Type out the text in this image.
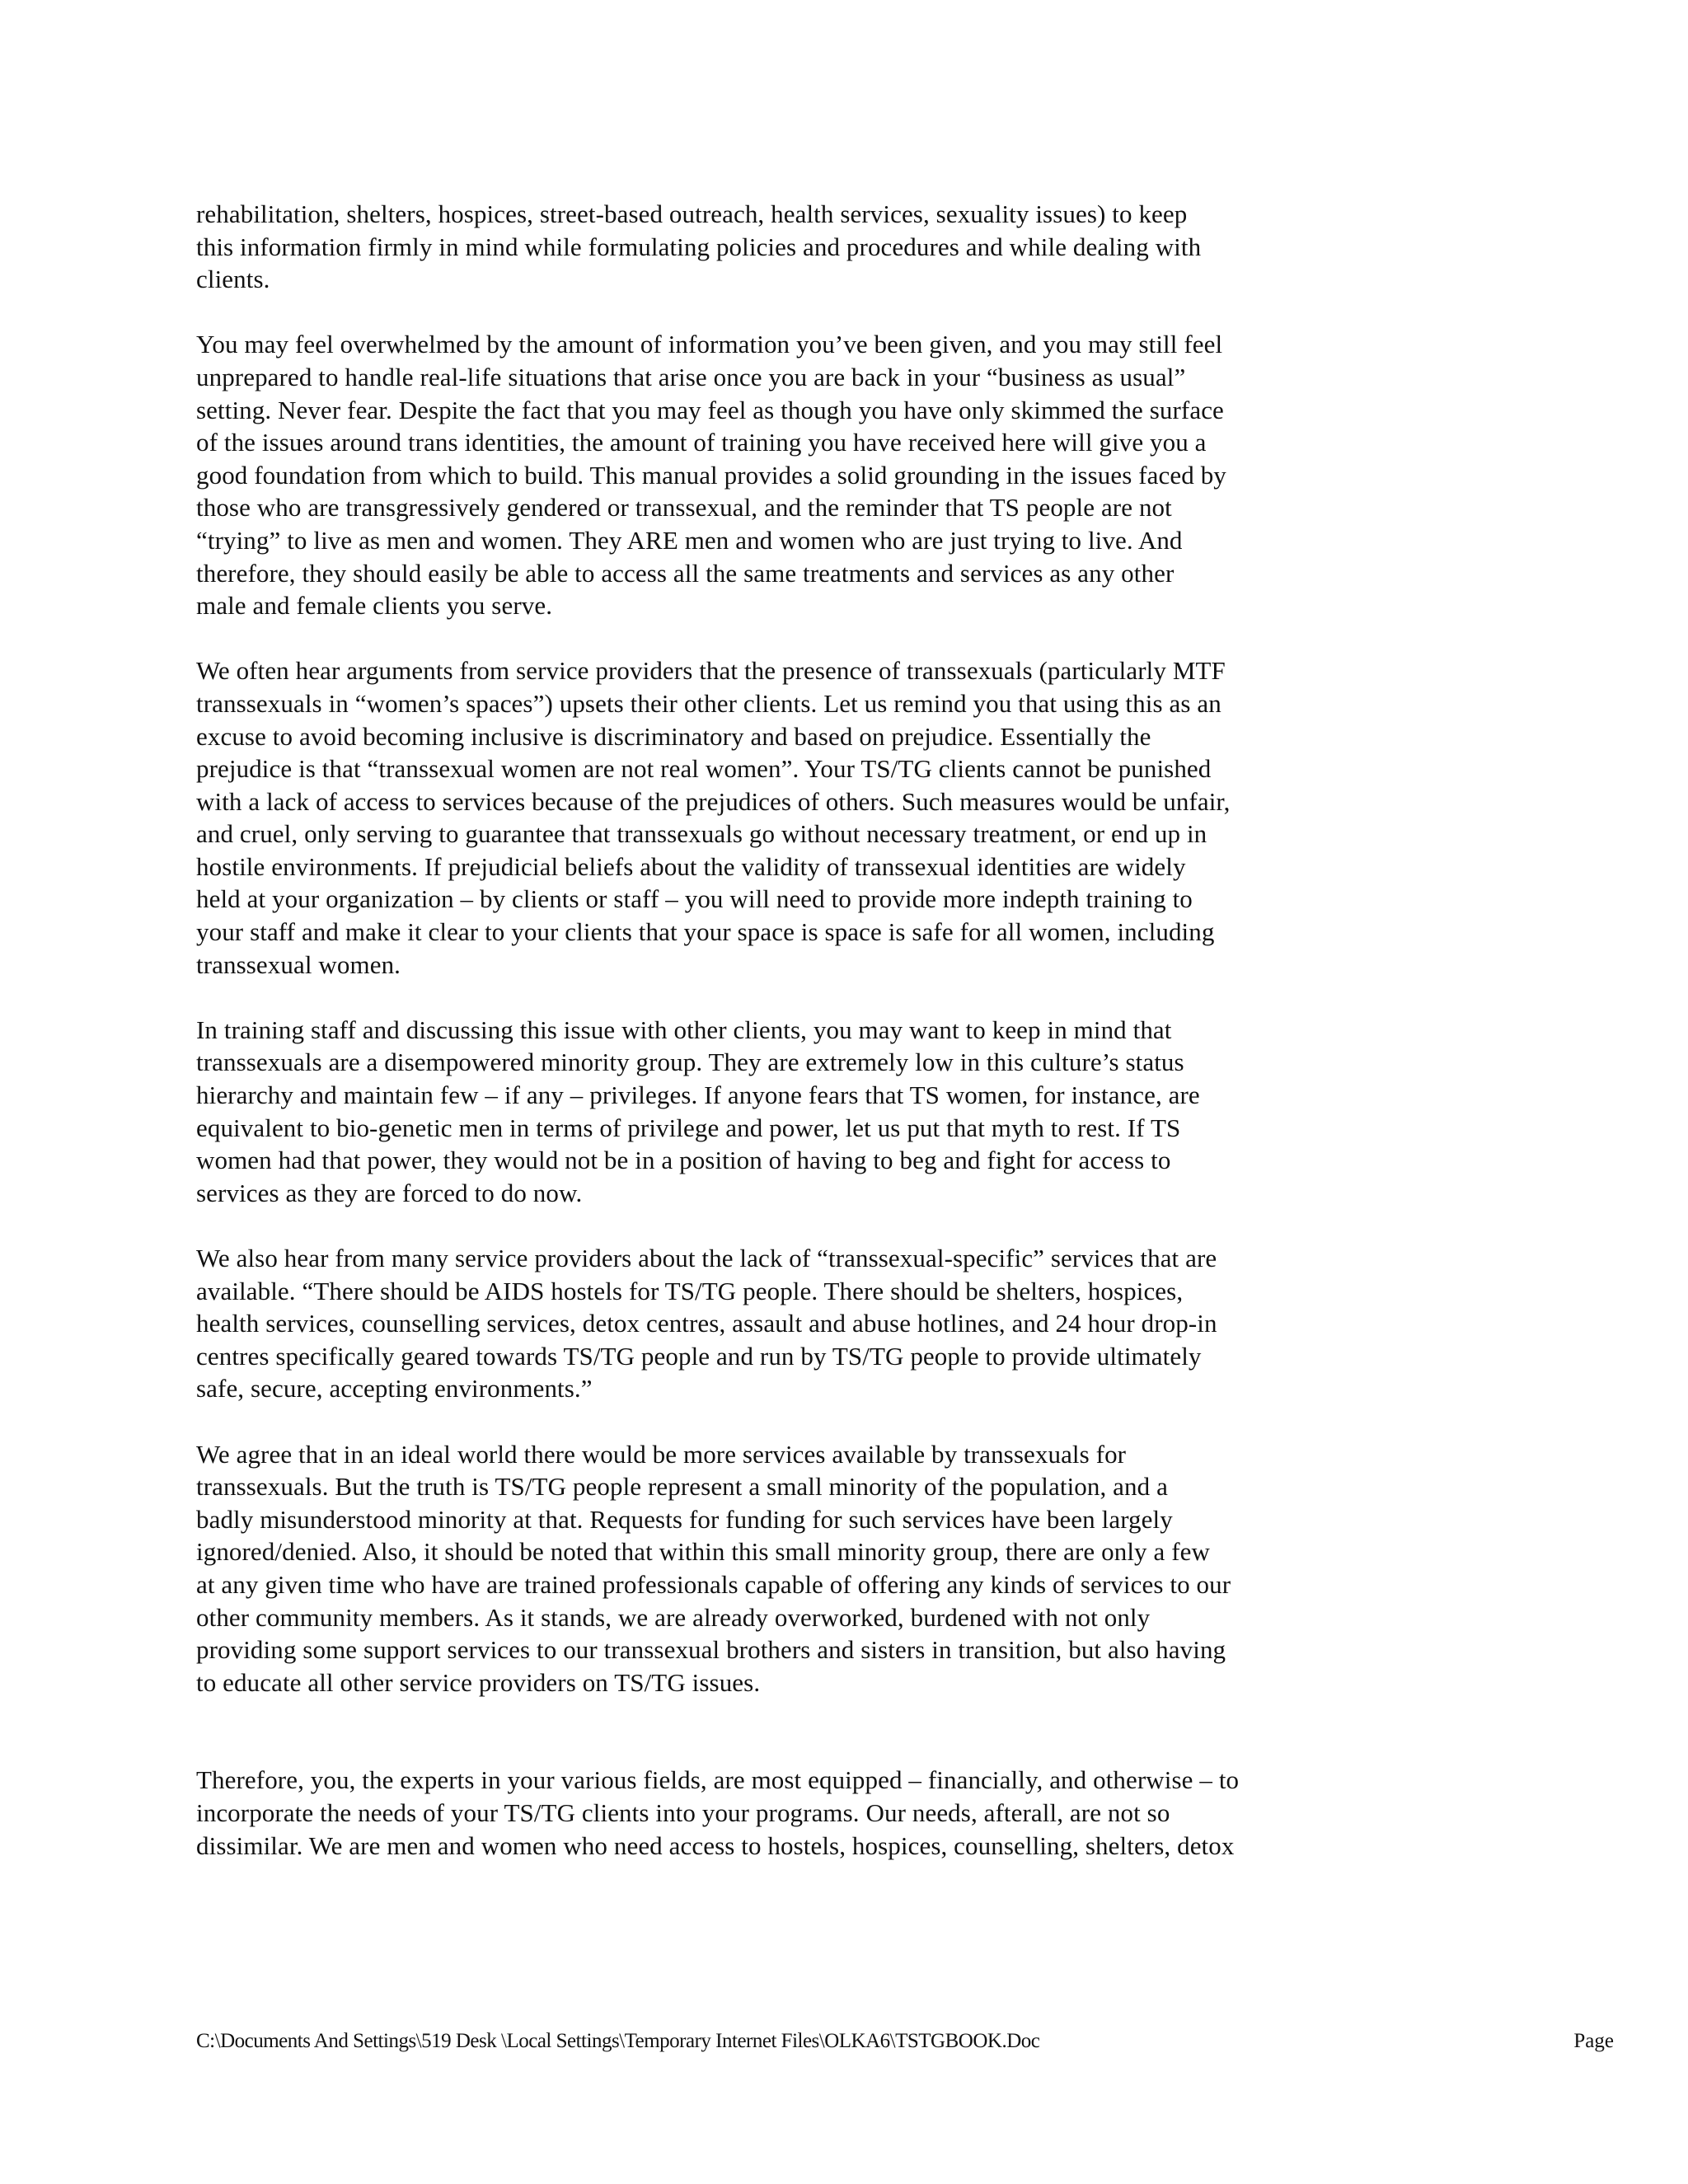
rehabilitation, shelters, hospices, street-based outreach, health services, sexuality issues) to keep
this information firmly in mind while formulating policies and procedures and while dealing with
clients.

You may feel overwhelmed by the amount of information you’ve been given, and you may still feel
unprepared to handle real-life situations that arise once you are back in your “business as usual”
setting. Never fear. Despite the fact that you may feel as though you have only skimmed the surface
of the issues around trans identities, the amount of training you have received here will give you a
good foundation from which to build. This manual provides a solid grounding in the issues faced by
those who are transgressively gendered or transsexual, and the reminder that TS people are not
“trying” to live as men and women. They ARE men and women who are just trying to live. And
therefore, they should easily be able to access all the same treatments and services as any other
male and female clients you serve.

We often hear arguments from service providers that the presence of transsexuals (particularly MTF
transsexuals in “women’s spaces”) upsets their other clients. Let us remind you that using this as an
excuse to avoid becoming inclusive is discriminatory and based on prejudice. Essentially the
prejudice is that “transsexual women are not real women”. Your TS/TG clients cannot be punished
with a lack of access to services because of the prejudices of others. Such measures would be unfair,
and cruel, only serving to guarantee that transsexuals go without necessary treatment, or end up in
hostile environments. If prejudicial beliefs about the validity of transsexual identities are widely
held at your organization – by clients or staff – you will need to provide more indepth training to
your staff and make it clear to your clients that your space is space is safe for all women, including
transsexual women.

In training staff and discussing this issue with other clients, you may want to keep in mind that
transsexuals are a disempowered minority group. They are extremely low in this culture’s status
hierarchy and maintain few – if any – privileges. If anyone fears that TS women, for instance, are
equivalent to bio-genetic men in terms of privilege and power, let us put that myth to rest. If TS
women had that power, they would not be in a position of having to beg and fight for access to
services as they are forced to do now.

We also hear from many service providers about the lack of “transsexual-specific” services that are
available. “There should be AIDS hostels for TS/TG people. There should be shelters, hospices,
health services, counselling services, detox centres, assault and abuse hotlines, and 24 hour drop-in
centres specifically geared towards TS/TG people and run by TS/TG people to provide ultimately
safe, secure, accepting environments.”

We agree that in an ideal world there would be more services available by transsexuals for
transsexuals. But the truth is TS/TG people represent a small minority of the population, and a
badly misunderstood minority at that. Requests for funding for such services have been largely
ignored/denied. Also, it should be noted that within this small minority group, there are only a few
at any given time who have are trained professionals capable of offering any kinds of services to our
other community members. As it stands, we are already overworked, burdened with not only
providing some support services to our transsexual brothers and sisters in transition, but also having
to educate all other service providers on TS/TG issues.

Therefore, you, the experts in your various fields, are most equipped – financially, and otherwise – to
incorporate the needs of your TS/TG clients into your programs. Our needs, afterall, are not so
dissimilar. We are men and women who need access to hostels, hospices, counselling, shelters, detox

C:\Documents And Settings\519 Desk \Local Settings\Temporary Internet Files\OLKA6\TSTGBOOK.Doc	Page
